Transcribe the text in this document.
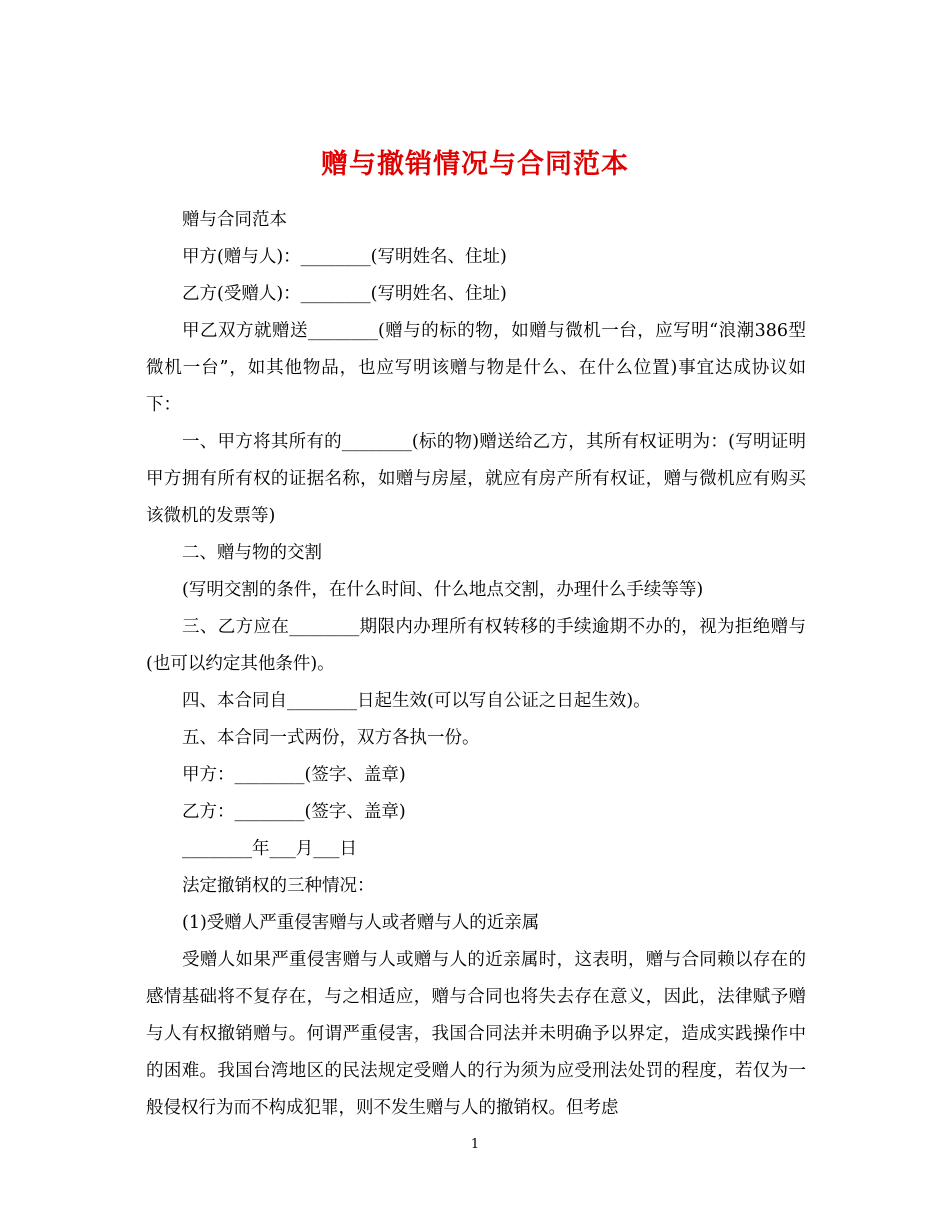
赠与撤销情况与合同范本

赠与合同范本

甲方(赠与人)：________(写明姓名、住址)

乙方(受赠人)：________(写明姓名、住址)

甲乙双方就赠送________(赠与的标的物，如赠与微机一台，应写明“浪潮386型微机一台”，如其他物品，也应写明该赠与物是什么、在什么位置)事宜达成协议如下：

一、甲方将其所有的________(标的物)赠送给乙方，其所有权证明为：(写明证明甲方拥有所有权的证据名称，如赠与房屋，就应有房产所有权证，赠与微机应有购买该微机的发票等)

二、赠与物的交割

(写明交割的条件，在什么时间、什么地点交割，办理什么手续等等)

三、乙方应在________期限内办理所有权转移的手续逾期不办的，视为拒绝赠与(也可以约定其他条件)。

四、本合同自________日起生效(可以写自公证之日起生效)。

五、本合同一式两份，双方各执一份。

甲方：________(签字、盖章)

乙方：________(签字、盖章)

________年___月___日

法定撤销权的三种情况：

(1)受赠人严重侵害赠与人或者赠与人的近亲属

受赠人如果严重侵害赠与人或赠与人的近亲属时，这表明，赠与合同赖以存在的感情基础将不复存在，与之相适应，赠与合同也将失去存在意义，因此，法律赋予赠与人有权撤销赠与。何谓严重侵害，我国合同法并未明确予以界定，造成实践操作中的困难。我国台湾地区的民法规定受赠人的行为须为应受刑法处罚的程度，若仅为一般侵权行为而不构成犯罪，则不发生赠与人的撤销权。但考虑

1
